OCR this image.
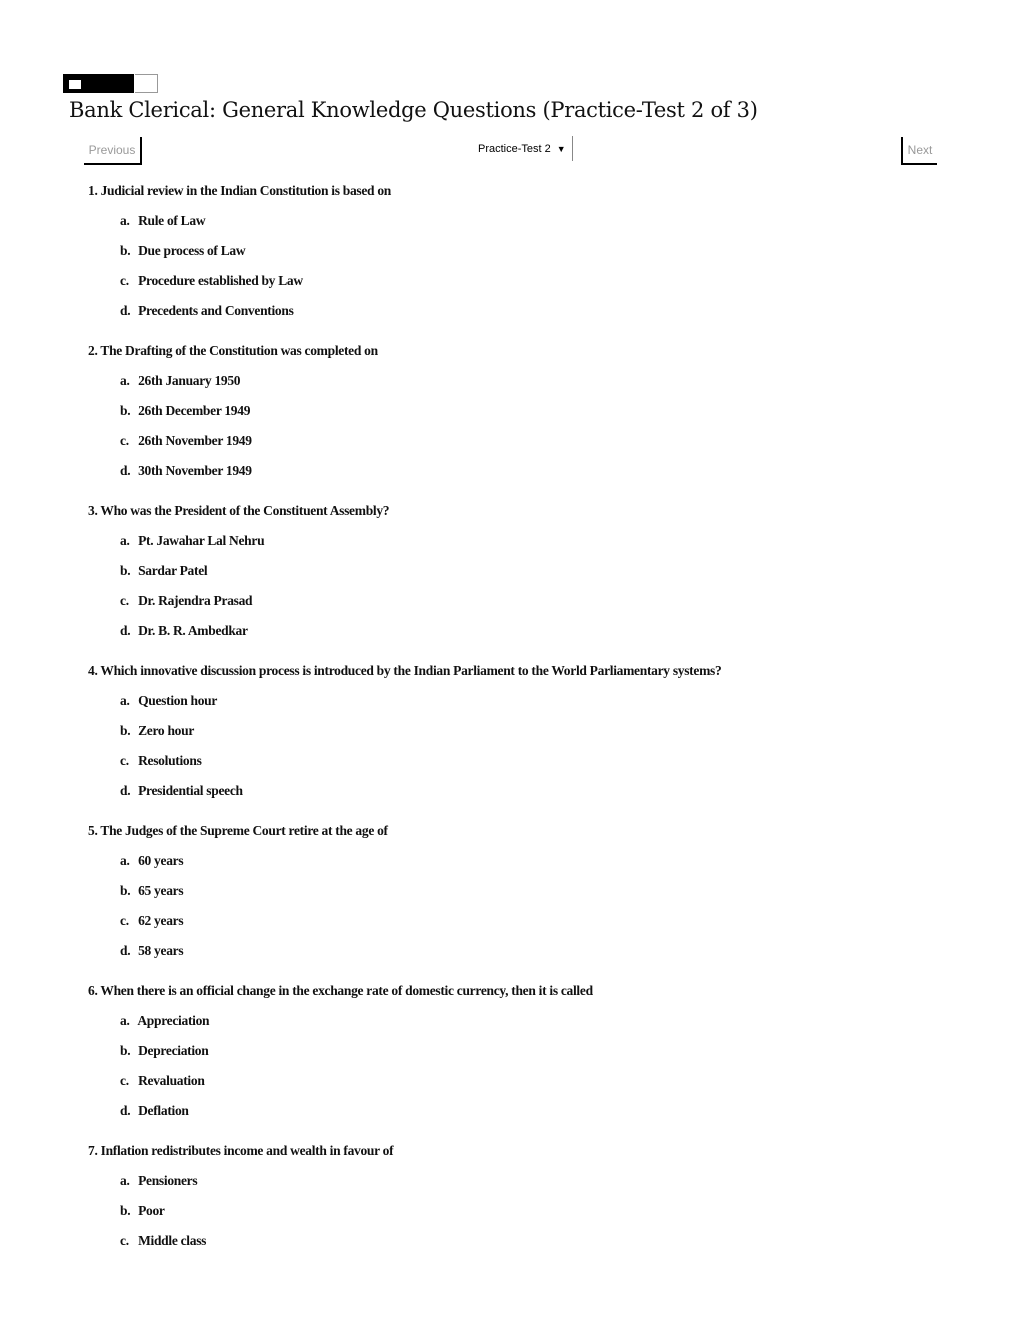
Bank Clerical: General Knowledge Questions (Practice-Test 2 of 3)
Previous	Practice-Test 2 ▼	Next
1. Judicial review in the Indian Constitution is based on
a. Rule of Law
b. Due process of Law
c. Procedure established by Law
d. Precedents and Conventions
2. The Drafting of the Constitution was completed on
a. 26th January 1950
b. 26th December 1949
c. 26th November 1949
d. 30th November 1949
3. Who was the President of the Constituent Assembly?
a. Pt. Jawahar Lal Nehru
b. Sardar Patel
c. Dr. Rajendra Prasad
d. Dr. B. R. Ambedkar
4. Which innovative discussion process is introduced by the Indian Parliament to the World Parliamentary systems?
a. Question hour
b. Zero hour
c. Resolutions
d. Presidential speech
5. The Judges of the Supreme Court retire at the age of
a. 60 years
b. 65 years
c. 62 years
d. 58 years
6. When there is an official change in the exchange rate of domestic currency, then it is called
a. Appreciation
b. Depreciation
c. Revaluation
d. Deflation
7. Inflation redistributes income and wealth in favour of
a. Pensioners
b. Poor
c. Middle class
